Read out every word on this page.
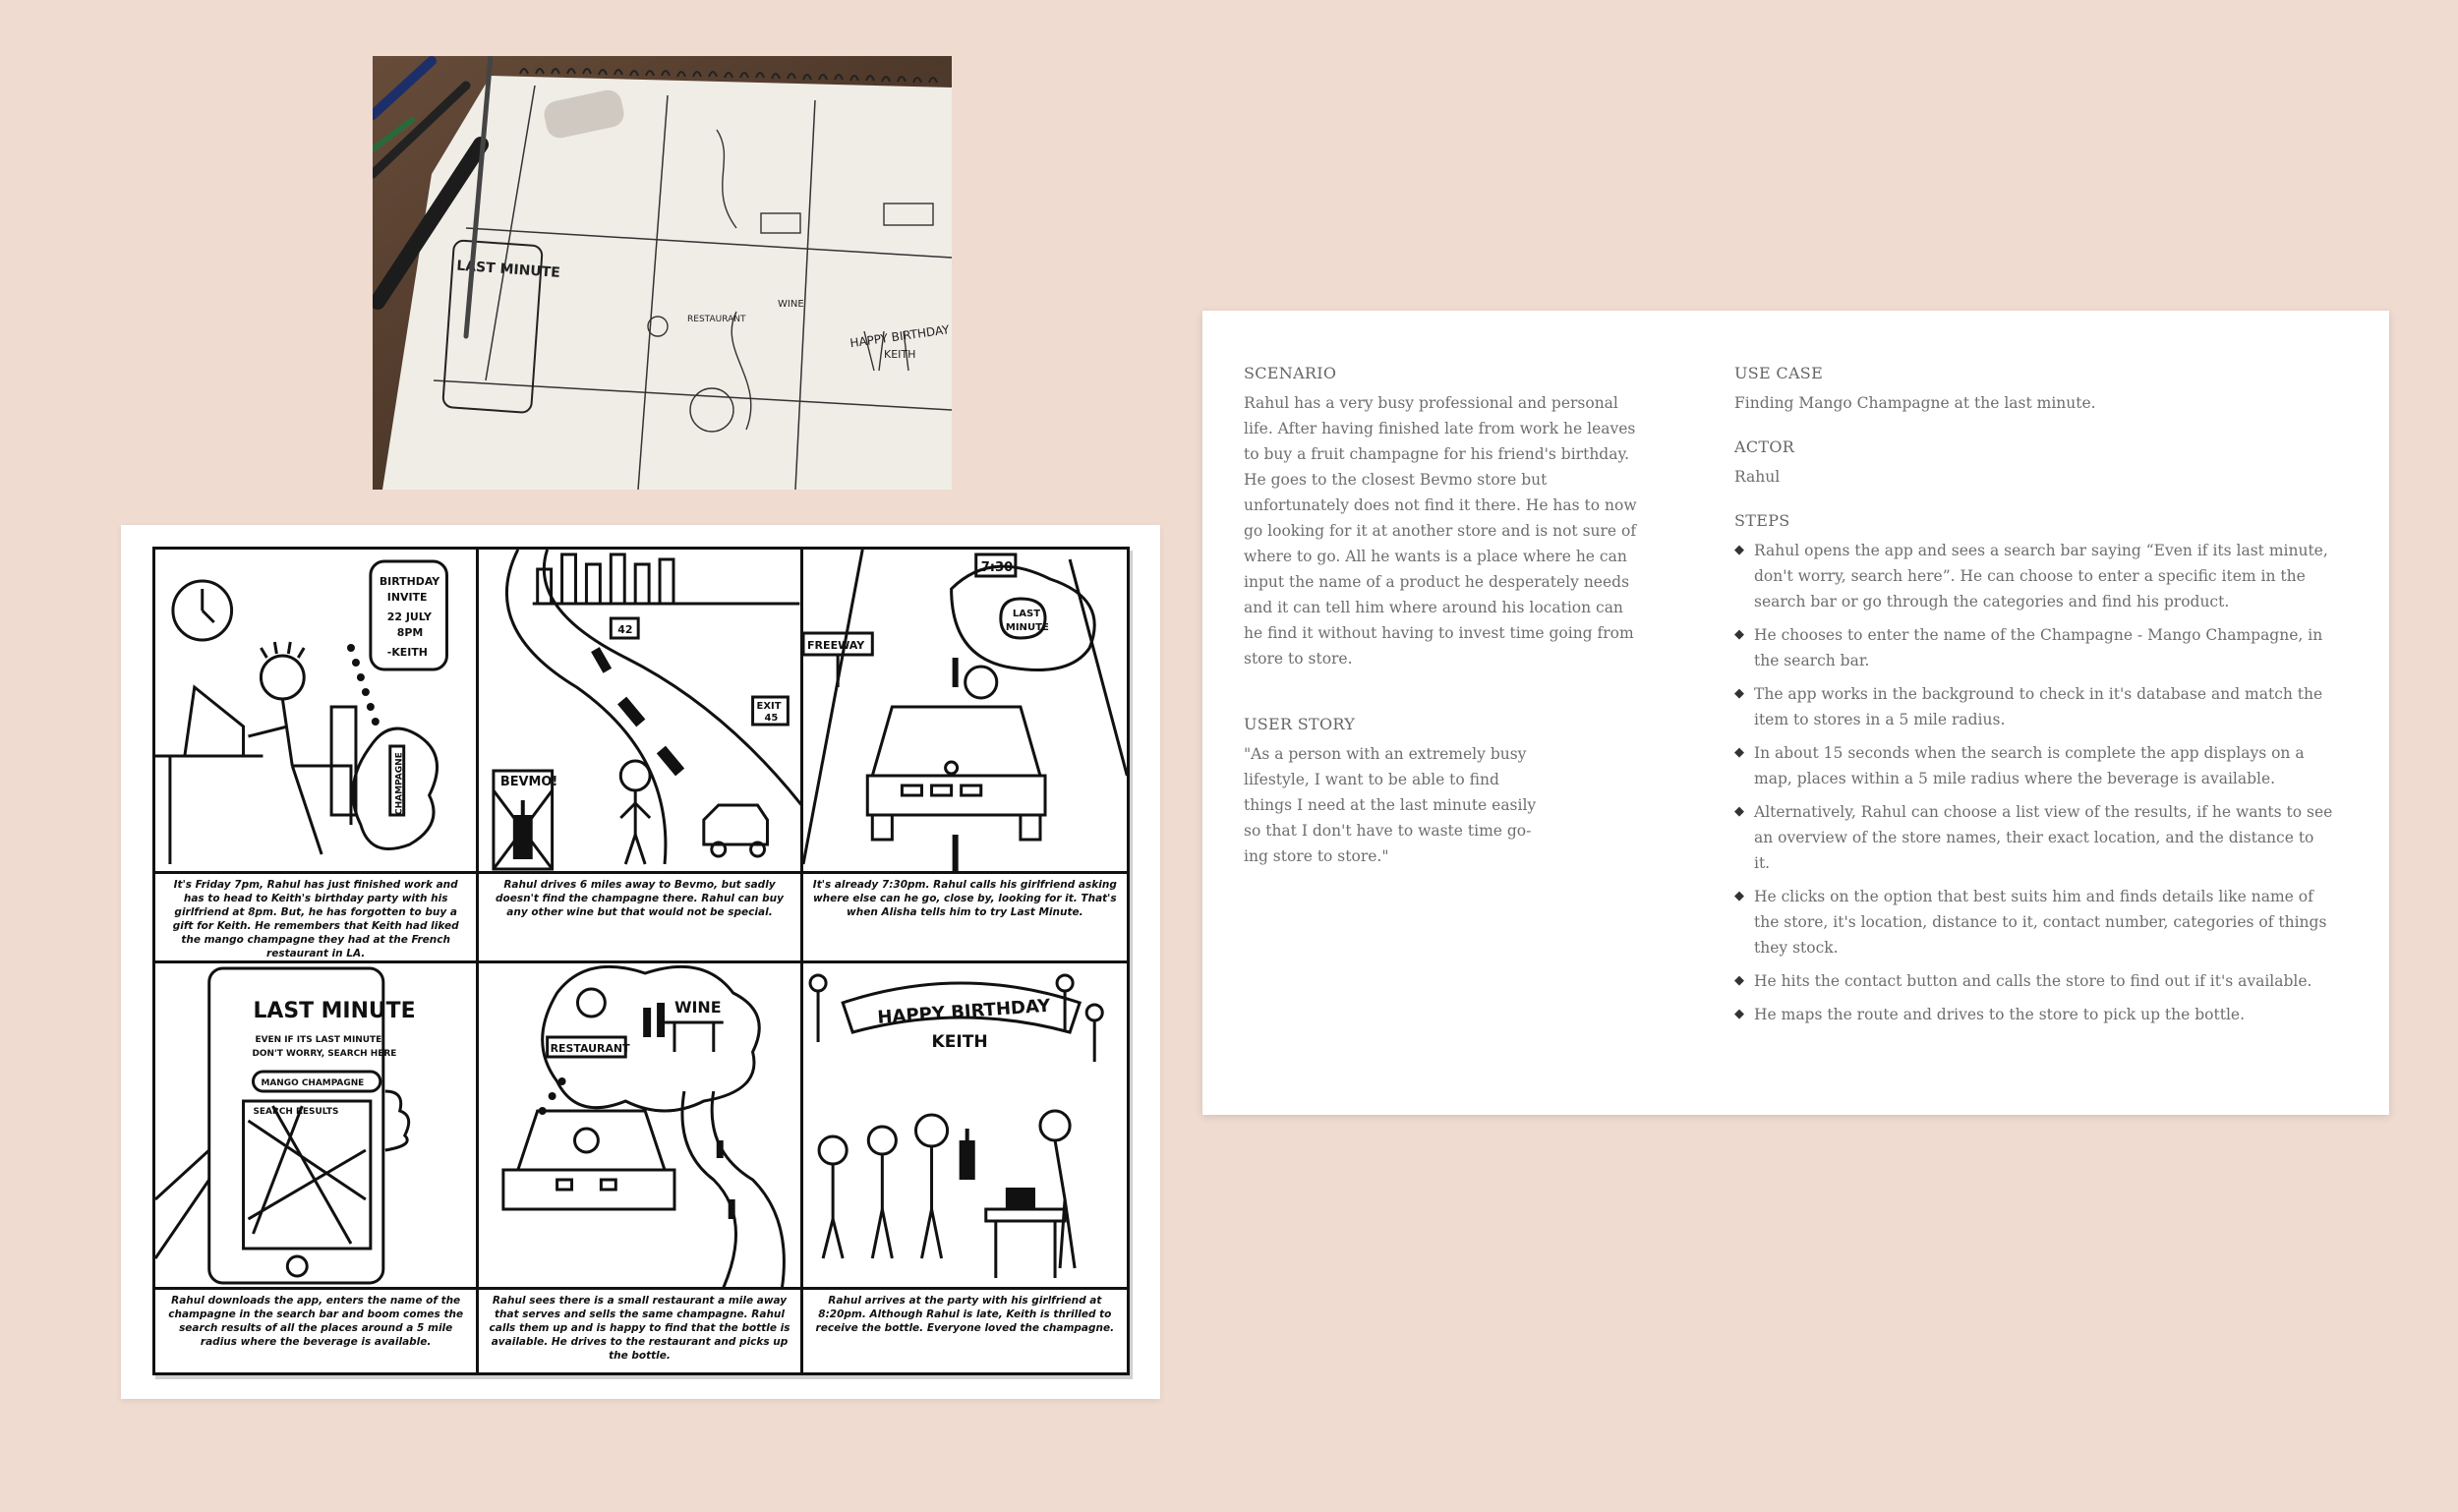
LAST MINUTE
WINE
RESTAURANT
HAPPY BIRTHDAY
KEITH
BIRTHDAY
INVITE
22 JULY
8PM
-KEITH
CHAMPAGNE
It's Friday 7pm, Rahul has just finished work and has to head to Keith's birthday party with his girlfriend at 8pm. But, he has forgotten to buy a gift for Keith. He remembers that Keith had liked the mango champagne they had at the French restaurant in LA.
BEVMO!
42
EXIT
45
Rahul drives 6 miles away to Bevmo, but sadly doesn't find the champagne there. Rahul can buy any other wine but that would not be special.
7:30
LAST
MINUTE
FREEWAY
It's already 7:30pm. Rahul calls his girlfriend asking where else can he go, close by, looking for it. That's when Alisha tells him to try Last Minute.
LAST MINUTE
EVEN IF ITS LAST MINUTE
DON'T WORRY, SEARCH HERE
MANGO CHAMPAGNE
SEARCH RESULTS
Rahul downloads the app, enters the name of the champagne in the search bar and boom comes the search results of all the places around a 5 mile radius where the beverage is available.
WINE
RESTAURANT
Rahul sees there is a small restaurant a mile away that serves and sells the same champagne. Rahul calls them up and is happy to find that the bottle is available. He drives to the restaurant and picks up the bottle.
HAPPY BIRTHDAY
KEITH
Rahul arrives at the party with his girlfriend at 8:20pm. Although Rahul is late, Keith is thrilled to receive the bottle. Everyone loved the champagne.
SCENARIO

Rahul has a very busy professional and personal life. After having finished late from work he leaves to buy a fruit champagne for his friend's birthday. He goes to the closest Bevmo store but unfortunately does not find it there. He has to now go looking for it at another store and is not sure of where to go. All he wants is a place where he can input the name of a product he desperately needs and it can tell him where around his location can he find it without having to invest time going from store to store.

USER STORY

"As a person with an extremely busy lifestyle, I want to be able to find things I need at the last minute easily so that I don't have to waste time go-ing store to store."

USE CASE

Finding Mango Champagne at the last minute.

ACTOR

Rahul

STEPS
◆ Rahul opens the app and sees a search bar saying “Even if its last minute, don't worry, search here”. He can choose to enter a specific item in the search bar or go through the categories and find his product.
◆ He chooses to enter the name of the Champagne - Mango Champagne, in the search bar.
◆ The app works in the background to check in it's database and match the item to stores in a 5 mile radius.
◆ In about 15 seconds when the search is complete the app displays on a map, places within a 5 mile radius where the beverage is available.
◆ Alternatively, Rahul can choose a list view of the results, if he wants to see an overview of the store names, their exact location, and the distance to it.
◆ He clicks on the option that best suits him and finds details like name of the store, it's location, distance to it, contact number, categories of things they stock.
◆ He hits the contact button and calls the store to find out if it's available.
◆ He maps the route and drives to the store to pick up the bottle.
